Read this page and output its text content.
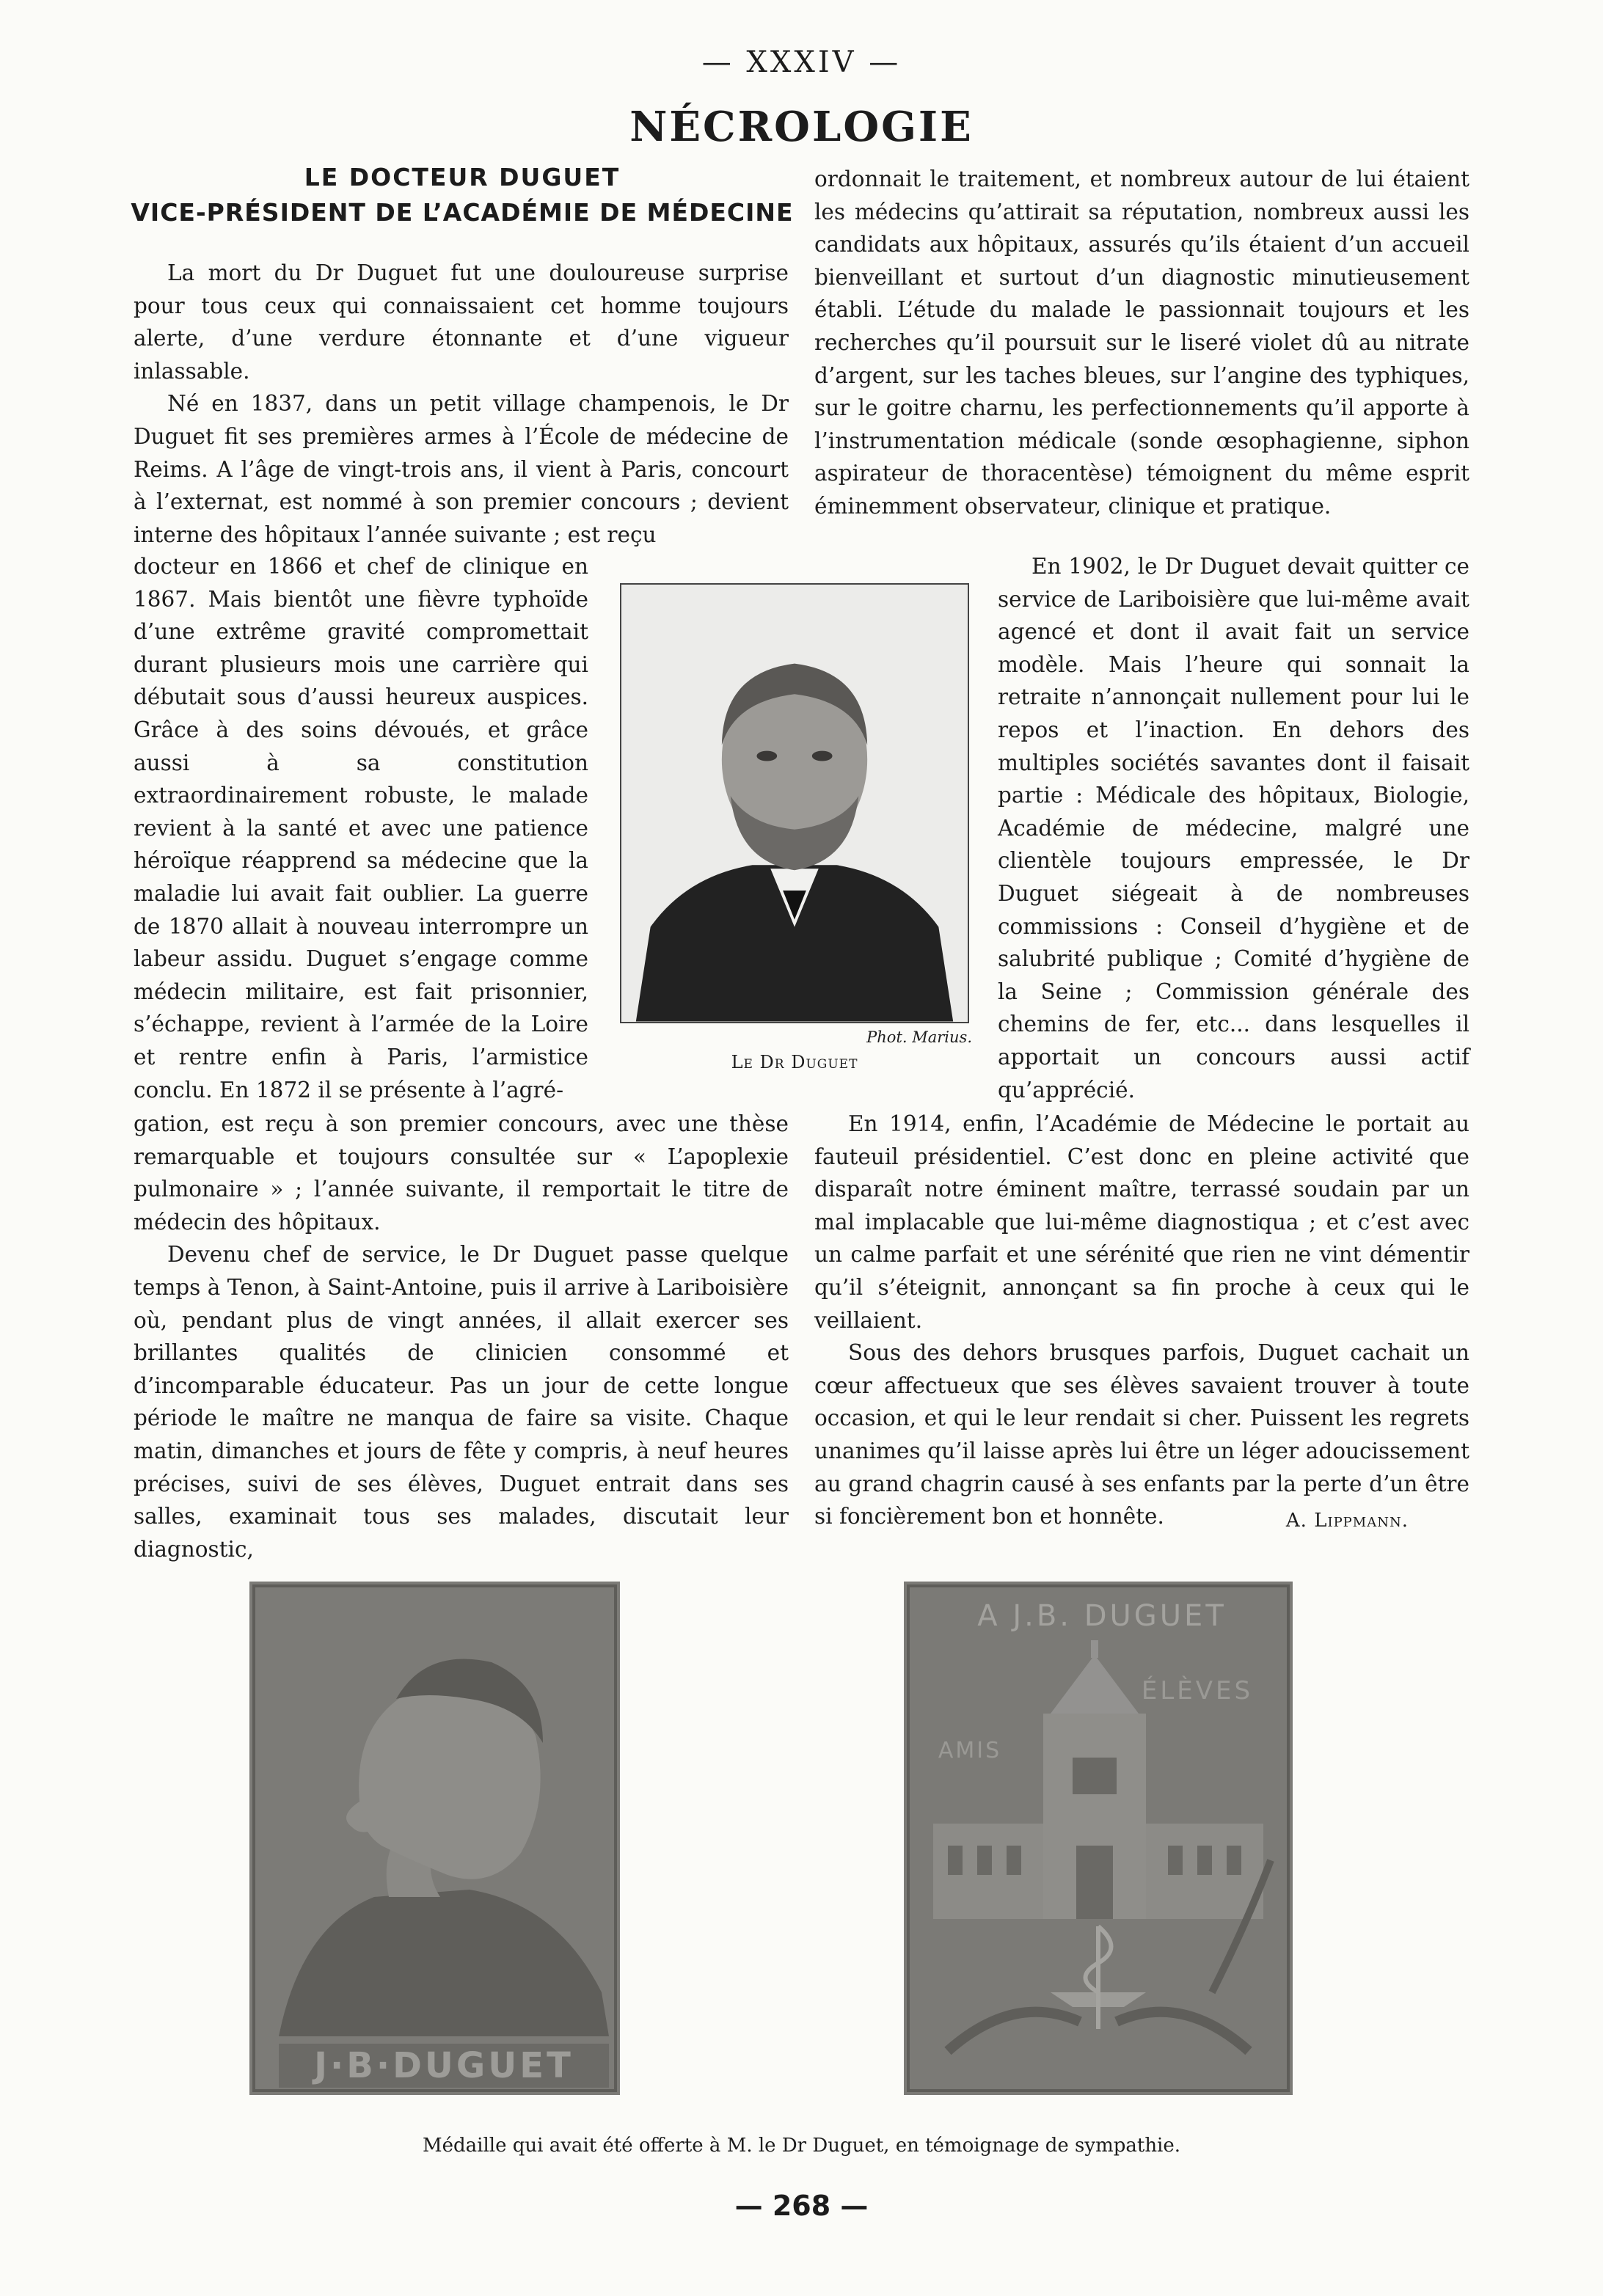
— XXXIV —
NÉCROLOGIE
LE DOCTEUR DUGUET
VICE-PRÉSIDENT DE L’ACADÉMIE DE MÉDECINE

La mort du Dr Duguet fut une douloureuse surprise pour tous ceux qui connaissaient cet homme toujours alerte, d’une verdure étonnante et d’une vigueur inlassable.

Né en 1837, dans un petit village champenois, le Dr Duguet fit ses premières armes à l’École de médecine de Reims. A l’âge de vingt-trois ans, il vient à Paris, concourt à l’externat, est nommé à son premier concours ; devient interne des hôpitaux l’année suivante ; est reçu

docteur en 1866 et chef de clinique en 1867. Mais bientôt une fièvre typhoïde d’une extrême gravité compromettait durant plusieurs mois une carrière qui débutait sous d’aussi heureux auspices. Grâce à des soins dévoués, et grâce aussi à sa constitution extraordinairement robuste, le malade revient à la santé et avec une patience héroïque réapprend sa médecine que la maladie lui avait fait oublier. La guerre de 1870 allait à nouveau interrompre un labeur assidu. Duguet s’engage comme médecin militaire, est fait prisonnier, s’échappe, revient à l’armée de la Loire et rentre enfin à Paris, l’armistice conclu. En 1872 il se présente à l’agré-

gation, est reçu à son premier concours, avec une thèse remarquable et toujours consultée sur « L’apoplexie pulmonaire » ; l’année suivante, il remportait le titre de médecin des hôpitaux.

Devenu chef de service, le Dr Duguet passe quelque temps à Tenon, à Saint-Antoine, puis il arrive à Lariboisière où, pendant plus de vingt années, il allait exercer ses brillantes qualités de clinicien consommé et d’incomparable éducateur. Pas un jour de cette longue période le maître ne manqua de faire sa visite. Chaque matin, dimanches et jours de fête y compris, à neuf heures précises, suivi de ses élèves, Duguet entrait dans ses salles, examinait tous ses malades, discutait leur diagnostic,

ordonnait le traitement, et nombreux autour de lui étaient les médecins qu’attirait sa réputation, nombreux aussi les candidats aux hôpitaux, assurés qu’ils étaient d’un accueil bienveillant et surtout d’un diagnostic minutieusement établi. L’étude du malade le passionnait toujours et les recherches qu’il poursuit sur le liseré violet dû au nitrate d’argent, sur les taches bleues, sur l’angine des typhiques, sur le goitre charnu, les perfectionnements qu’il apporte à l’instrumentation médicale (sonde œsophagienne, siphon aspirateur de thoracentèse) témoignent du même esprit éminemment observateur, clinique et pratique.

En 1902, le Dr Duguet devait quitter ce service de Lariboisière que lui-même avait agencé et dont il avait fait un service modèle. Mais l’heure qui sonnait la retraite n’annonçait nullement pour lui le repos et l’inaction. En dehors des multiples sociétés savantes dont il faisait partie : Médicale des hôpitaux, Biologie, Académie de médecine, malgré une clientèle toujours empressée, le Dr Duguet siégeait à de nombreuses commissions : Conseil d’hygiène et de salubrité publique ; Comité d’hygiène de la Seine ; Commission générale des chemins de fer, etc... dans lesquelles il apportait un concours aussi actif qu’apprécié.

En 1914, enfin, l’Académie de Médecine le portait au fauteuil présidentiel. C’est donc en pleine activité que disparaît notre éminent maître, terrassé soudain par un mal implacable que lui-même diagnostiqua ; et c’est avec un calme parfait et une sérénité que rien ne vint démentir qu’il s’éteignit, annonçant sa fin proche à ceux qui le veillaient.

Sous des dehors brusques parfois, Duguet cachait un cœur affectueux que ses élèves savaient trouver à toute occasion, et qui le leur rendait si cher. Puissent les regrets unanimes qu’il laisse après lui être un léger adoucissement au grand chagrin causé à ses enfants par la perte d’un être si foncièrement bon et honnête.	A. Lippmann.
Phot. Marius.
Le Dr Duguet
J·B·DUGUET
A J.B. DUGUET
ÉLÈVES
AMIS
Médaille qui avait été offerte à M. le Dr Duguet, en témoignage de sympathie.
— 268 —
